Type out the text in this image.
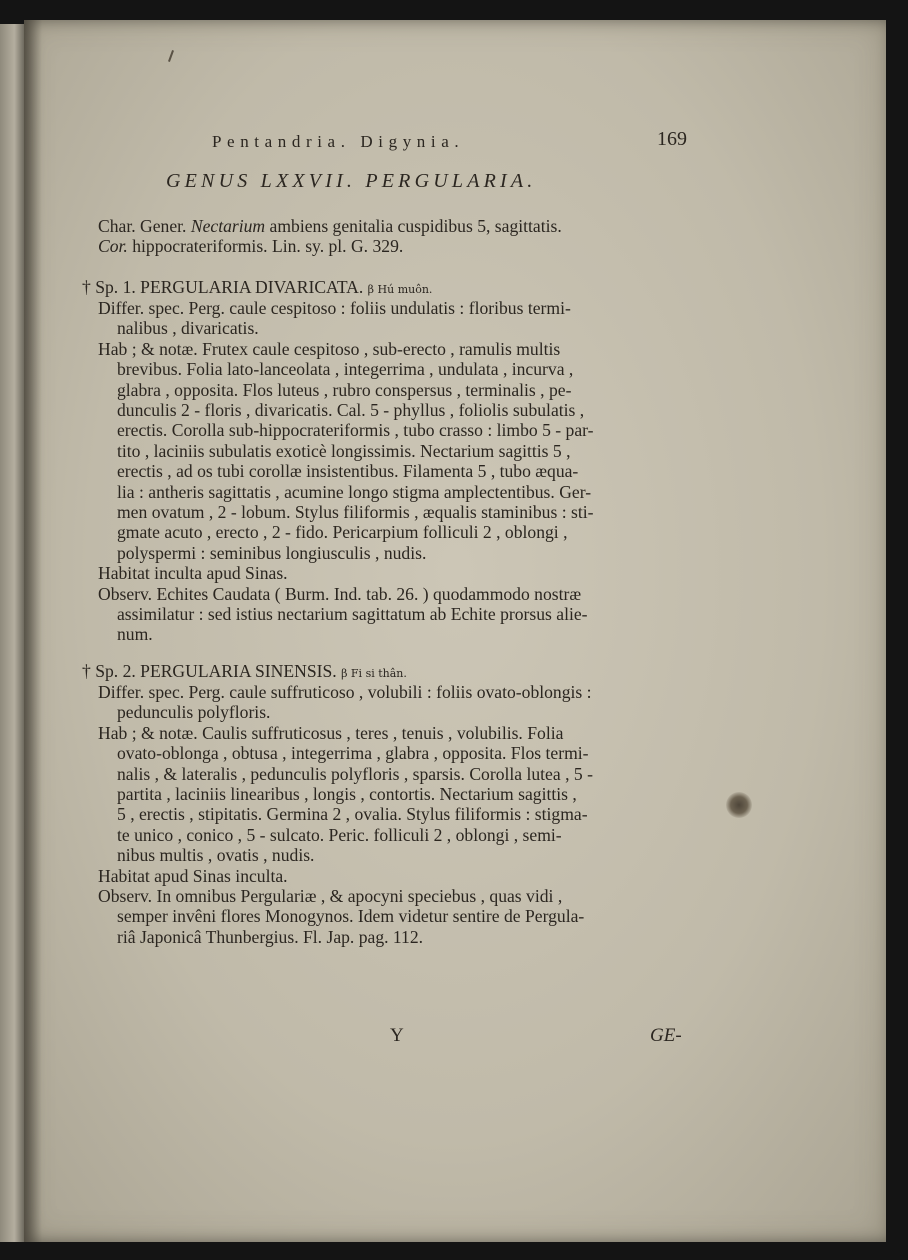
Pentandria. Digynia.	169
GENUS LXXVII. PERGULARIA.
Char. Gener. Nectarium ambiens genitalia cuspidibus 5, sagittatis.
Cor. hippocrateriformis. Lin. sy. pl. G. 329.
† Sp. 1. PERGULARIA DIVARICATA. β Hú muôn.
Differ. spec. Perg. caule cespitoso : foliis undulatis : floribus termi-
nalibus , divaricatis.
Hab ; & notæ. Frutex caule cespitoso , sub-erecto , ramulis multis
brevibus. Folia lato-lanceolata , integerrima , undulata , incurva ,
glabra , opposita. Flos luteus , rubro conspersus , terminalis , pe-
dunculis 2 - floris , divaricatis. Cal. 5 - phyllus , foliolis subulatis ,
erectis. Corolla sub-hippocrateriformis , tubo crasso : limbo 5 - par-
tito , laciniis subulatis exoticè longissimis. Nectarium sagittis 5 ,
erectis , ad os tubi corollæ insistentibus. Filamenta 5 , tubo æqua-
lia : antheris sagittatis , acumine longo stigma amplectentibus. Ger-
men ovatum , 2 - lobum. Stylus filiformis , æqualis staminibus : sti-
gmate acuto , erecto , 2 - fido. Pericarpium folliculi 2 , oblongi ,
polyspermi : seminibus longiusculis , nudis.
Habitat inculta apud Sinas.
Observ. Echites Caudata ( Burm. Ind. tab. 26. ) quodammodo nostræ
assimilatur : sed istius nectarium sagittatum ab Echite prorsus alie-
num.
† Sp. 2. PERGULARIA SINENSIS. β Fi si thân.
Differ. spec. Perg. caule suffruticoso , volubili : foliis ovato-oblongis :
pedunculis polyfloris.
Hab ; & notæ. Caulis suffruticosus , teres , tenuis , volubilis. Folia
ovato-oblonga , obtusa , integerrima , glabra , opposita. Flos termi-
nalis , & lateralis , pedunculis polyfloris , sparsis. Corolla lutea , 5 -
partita , laciniis linearibus , longis , contortis. Nectarium sagittis ,
5 , erectis , stipitatis. Germina 2 , ovalia. Stylus filiformis : stigma-
te unico , conico , 5 - sulcato. Peric. folliculi 2 , oblongi , semi-
nibus multis , ovatis , nudis.
Habitat apud Sinas inculta.
Observ. In omnibus Pergulariæ , & apocyni speciebus , quas vidi ,
semper invêni flores Monogynos. Idem videtur sentire de Pergula-
riâ Japonicâ Thunbergius. Fl. Jap. pag. 112.
Y	GE-
